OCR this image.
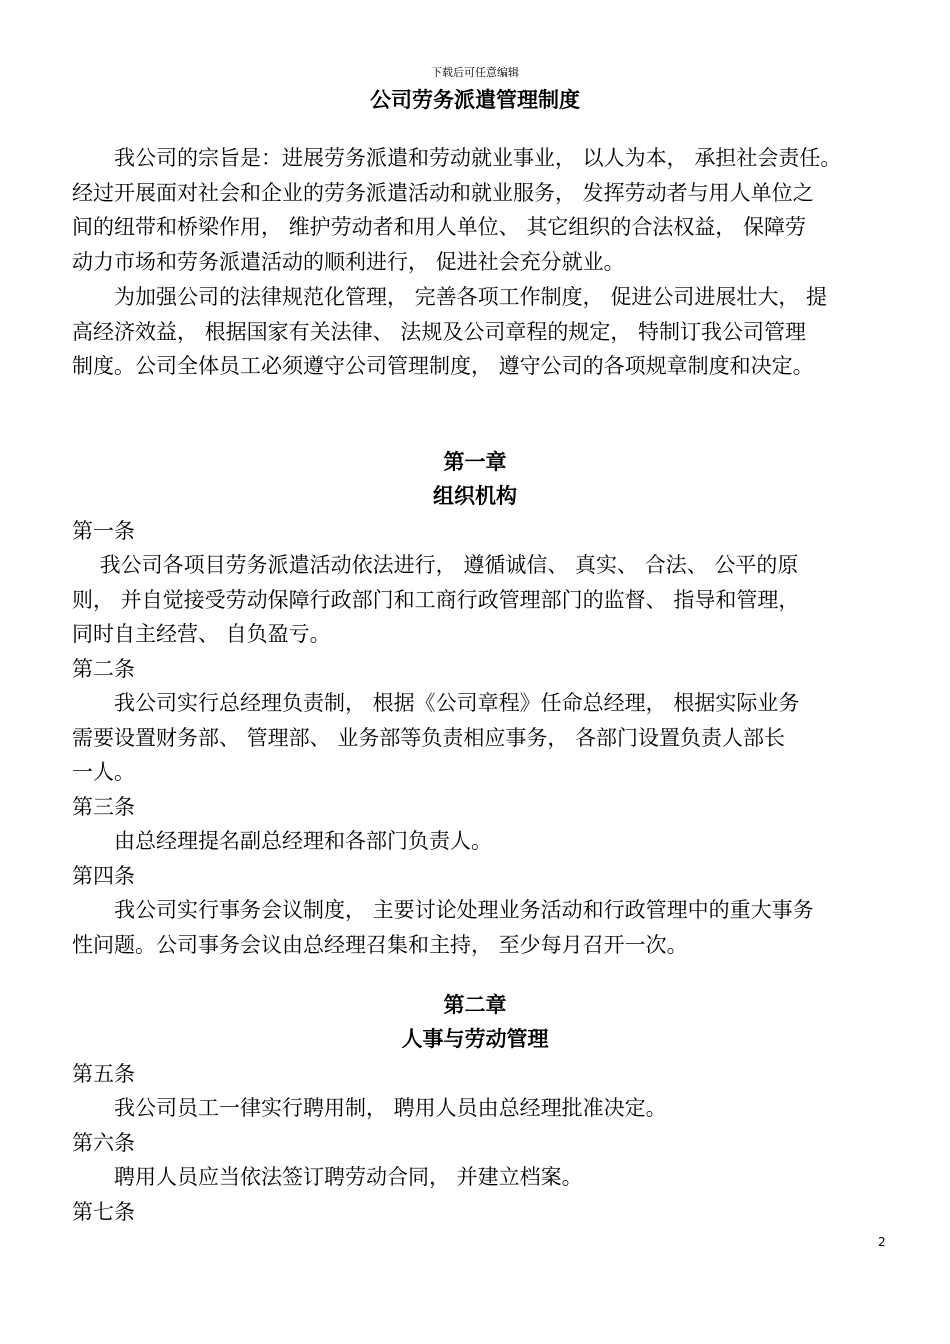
下载后可任意编辑
公司劳务派遣管理制度
　　我公司的宗旨是：进展劳务派遣和劳动就业事业， 以人为本， 承担社会责任。
经过开展面对社会和企业的劳务派遣活动和就业服务， 发挥劳动者与用人单位之
间的纽带和桥梁作用， 维护劳动者和用人单位、 其它组织的合法权益， 保障劳
动力市场和劳务派遣活动的顺利进行， 促进社会充分就业。
　　为加强公司的法律规范化管理， 完善各项工作制度， 促进公司进展壮大， 提
高经济效益， 根据国家有关法律、 法规及公司章程的规定， 特制订我公司管理
制度。公司全体员工必须遵守公司管理制度， 遵守公司的各项规章制度和决定。
第一章
组织机构
第一条
　 我公司各项目劳务派遣活动依法进行， 遵循诚信、 真实、 合法、 公平的原
则， 并自觉接受劳动保障行政部门和工商行政管理部门的监督、 指导和管理，
同时自主经营、 自负盈亏。
第二条
　　我公司实行总经理负责制， 根据《公司章程》任命总经理， 根据实际业务
需要设置财务部、 管理部、 业务部等负责相应事务， 各部门设置负责人部长
一人。
第三条
　　由总经理提名副总经理和各部门负责人。
第四条
　　我公司实行事务会议制度， 主要讨论处理业务活动和行政管理中的重大事务
性问题。公司事务会议由总经理召集和主持， 至少每月召开一次。
第二章
人事与劳动管理
第五条
　　我公司员工一律实行聘用制， 聘用人员由总经理批准决定。
第六条
　　聘用人员应当依法签订聘劳动合同， 并建立档案。
第七条
2
